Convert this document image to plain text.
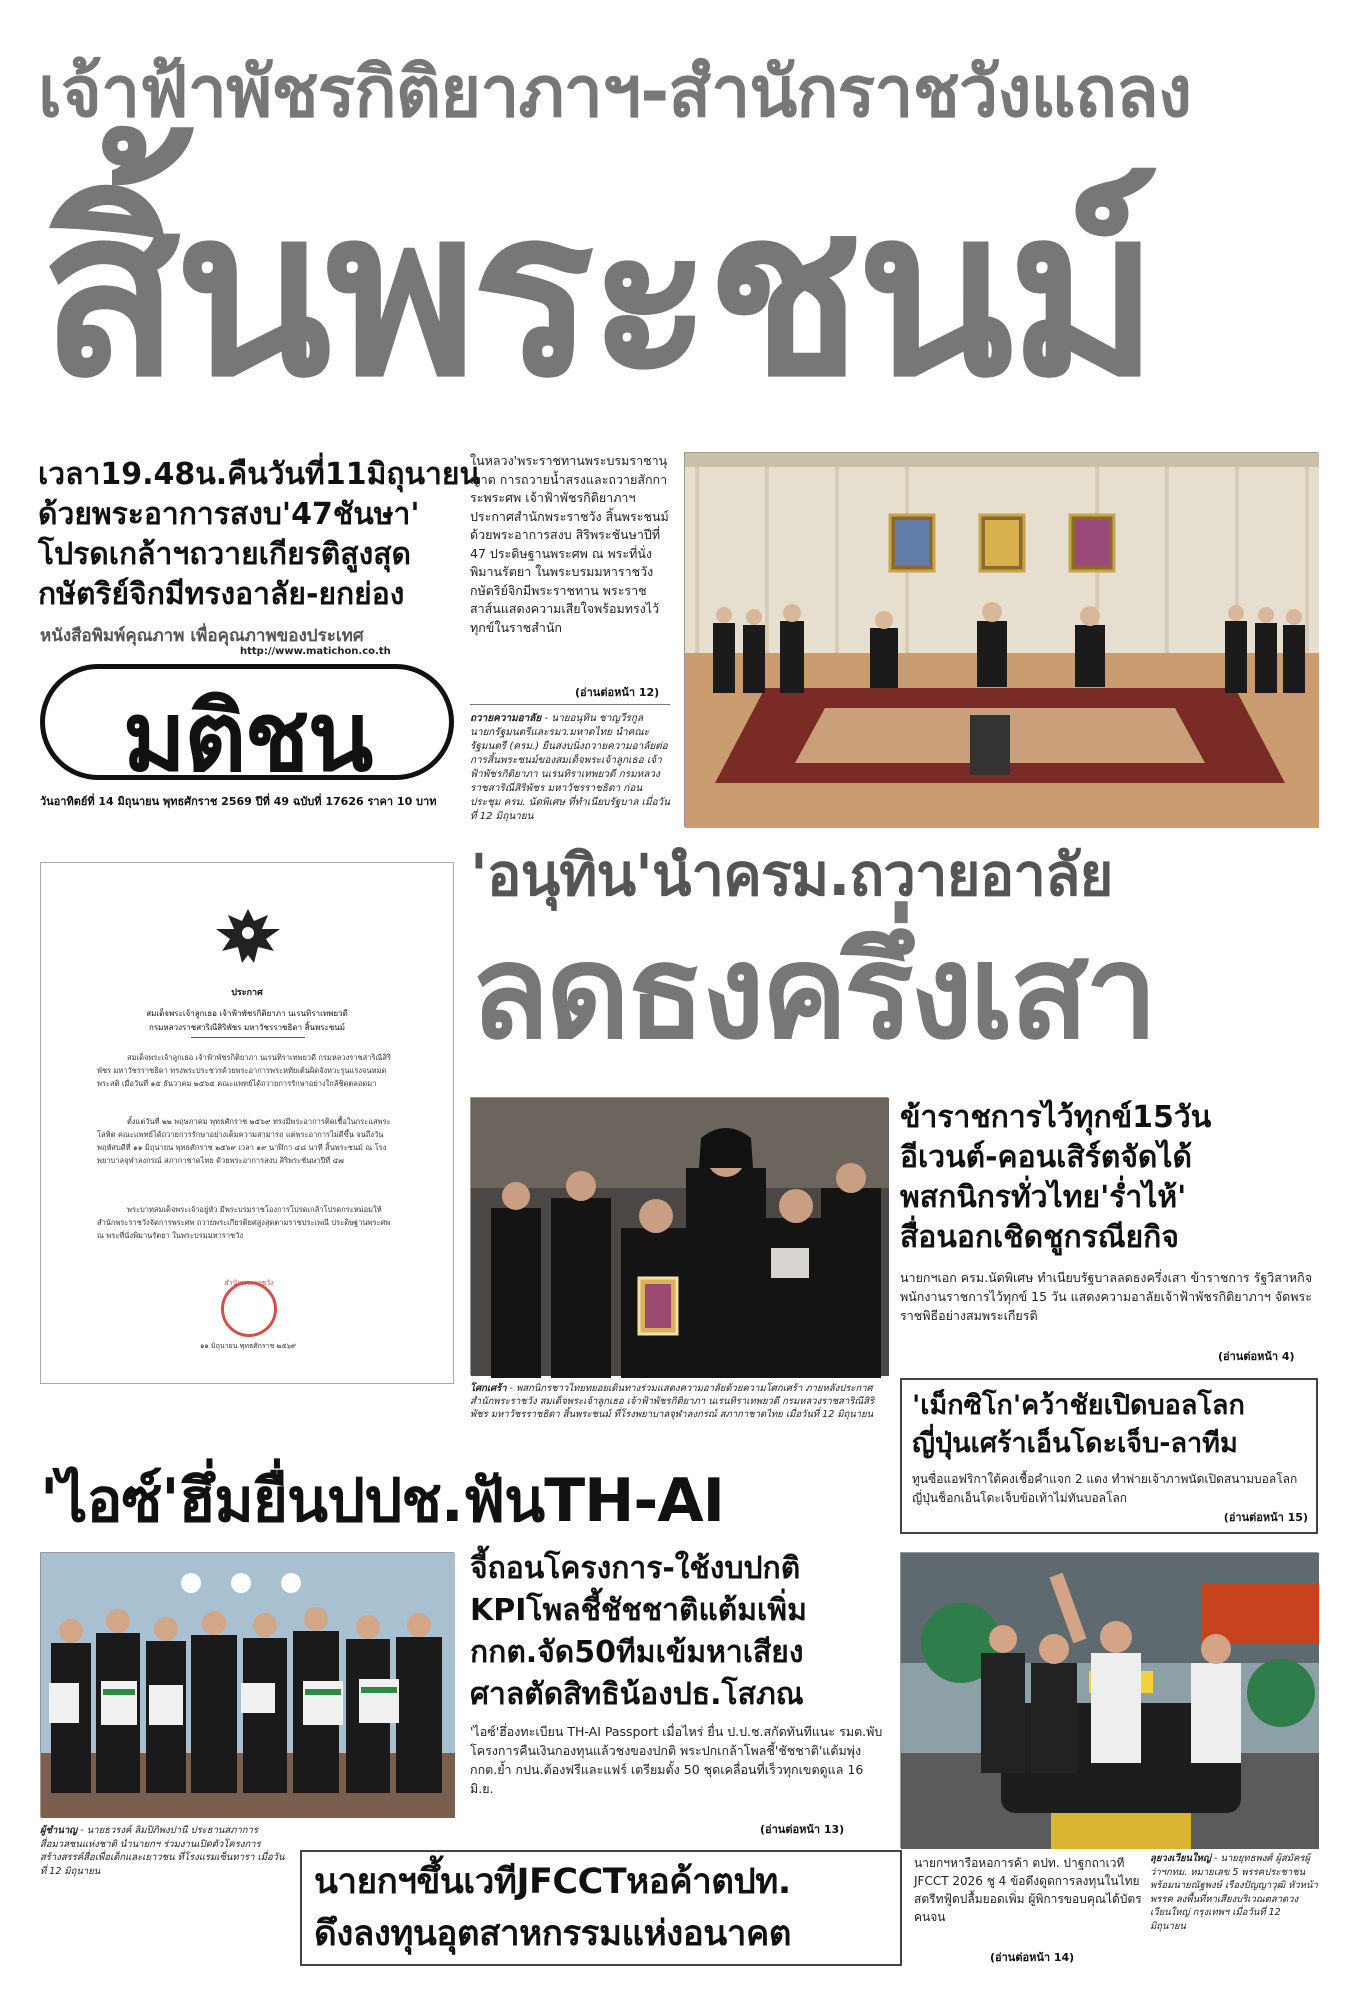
เจ้าฟ้าพัชรกิติยาภาฯ-สำนักราชวังแถลง
สิ้นพระชนม์
เวลา19.48น.คืนวันที่11มิถุนายน
ด้วยพระอาการสงบ'47ชันษา'
โปรดเกล้าฯถวายเกียรติสูงสุด
กษัตริย์จิกมีทรงอาลัย-ยกย่อง
หนังสือพิมพ์คุณภาพ เพื่อคุณภาพของประเทศ
http://www.matichon.co.th
มติชน
วันอาทิตย์ที่ 14 มิถุนายน พุทธศักราช 2569 ปีที่ 49 ฉบับที่ 17626 ราคา 10 บาท
ในหลวง'พระราชทานพระบรมราชานุญาต การถวายน้ำสรงและถวายสักการะพระศพ เจ้าฟ้าพัชรกิติยาภาฯประกาศสำนักพระราชวัง สิ้นพระชนม์ด้วยพระอาการสงบ สิริพระชันษาปีที่ 47 ประดิษฐานพระศพ ณ พระที่นั่งพิมานรัตยา ในพระบรมมหาราชวัง กษัตริย์จิกมีพระราชทาน พระราชสาส์นแสดงความเสียใจพร้อมทรงไว้ทุกข์ในราชสำนัก
(อ่านต่อหน้า 12)
ถวายความอาลัย - นายอนุทิน ชาญวีรกูล นายกรัฐมนตรีและรมว.มหาดไทย นำคณะรัฐมนตรี (ครม.) ยืนสงบนิ่งถวายความอาลัยต่อการสิ้นพระชนม์ของสมเด็จพระเจ้าลูกเธอ เจ้าฟ้าพัชรกิติยาภา นเรนทิราเทพยวดี กรมหลวงราชสาริณีสิริพัชร มหาวัชรราชธิดา ก่อนประชุม ครม. นัดพิเศษ ที่ทำเนียบรัฐบาล เมื่อวันที่ 12 มิถุนายน
ประกาศ
สมเด็จพระเจ้าลูกเธอ เจ้าฟ้าพัชรกิติยาภา นเรนทิราเทพยวดี
กรมหลวงราชสาริณีสิริพัชร มหาวัชรราชธิดา สิ้นพระชนม์
สมเด็จพระเจ้าลูกเธอ เจ้าฟ้าพัชรกิติยาภา นเรนทิราเทพยวดี กรมหลวงราชสาริณีสิริพัชร มหาวัชรราชธิดา ทรงพระประชวรด้วยพระอาการพระหทัยเต้นผิดจังหวะรุนแรงจนหมดพระสติ เมื่อวันที่ ๑๕ ธันวาคม ๒๕๖๕ คณะแพทย์ได้ถวายการรักษาอย่างใกล้ชิดตลอดมา
ตั้งแต่วันที่ ๒๒ พฤษภาคม พุทธศักราช ๒๕๖๙ ทรงมีพระอาการติดเชื้อในกระแสพระโลหิต คณะแพทย์ได้ถวายการรักษาอย่างเต็มความสามารถ แต่พระอาการไม่ดีขึ้น จนถึงวันพฤหัสบดีที่ ๑๑ มิถุนายน พุทธศักราช ๒๕๖๙ เวลา ๑๙ นาฬิกา ๔๘ นาที สิ้นพระชนม์ ณ โรงพยาบาลจุฬาลงกรณ์ สภากาชาดไทย ด้วยพระอาการสงบ สิริพระชันษาปีที่ ๔๗
พระบาทสมเด็จพระเจ้าอยู่หัว มีพระบรมราชโองการโปรดเกล้าโปรดกระหม่อมให้สำนักพระราชวังจัดการพระศพ ถวายพระเกียรติยศสูงสุดตามราชประเพณี ประดิษฐานพระศพ ณ พระที่นั่งพิมานรัตยา ในพระบรมมหาราชวัง
สำนักพระราชวัง
๑๑ มิถุนายน พุทธศักราช ๒๕๖๙
'อนุทิน'นำครม.ถวายอาลัย
ลดธงครึ่งเสา
โศกเศร้า - พสกนิกรชาวไทยทยอยเดินทางร่วมแสดงความอาลัยด้วยความโศกเศร้า ภายหลังประกาศสำนักพระราชวัง สมเด็จพระเจ้าลูกเธอ เจ้าฟ้าพัชรกิติยาภา นเรนทิราเทพยวดี กรมหลวงราชสาริณีสิริพัชร มหาวัชรราชธิดา สิ้นพระชนม์ ที่โรงพยาบาลจุฬาลงกรณ์ สภากาชาดไทย เมื่อวันที่ 12 มิถุนายน
ข้าราชการไว้ทุกข์15วัน
อีเวนต์-คอนเสิร์ตจัดได้
พสกนิกรทั่วไทย'ร่ำไห้'
สื่อนอกเชิดชูกรณียกิจ
นายกฯเอก ครม.นัดพิเศษ ทำเนียบรัฐบาลลดธงครึ่งเสา ข้าราชการ รัฐวิสาหกิจ พนักงานราชการไว้ทุกข์ 15 วัน แสดงความอาลัยเจ้าฟ้าพัชรกิติยาภาฯ จัดพระราชพิธีอย่างสมพระเกียรติ
(อ่านต่อหน้า 4)
'เม็กซิโก'คว้าชัยเปิดบอลโลก
ญี่ปุ่นเศร้าเอ็นโดะเจ็บ-ลาทีม
ทูนซื่อแอฟริกาใต้คงเชื้อคำแจก 2 แดง ทำพ่ายเจ้าภาพนัดเปิดสนามบอลโลก ญี่ปุ่นช็อกเอ็นโดะเจ็บข้อเท้าไม่ทันบอลโลก
(อ่านต่อหน้า 15)
'ไอซ์'ฮึ่มยื่นปปช.ฟันTH-AI
ผู้ชำนาญ - นายธวรงค์ ลิมปิภิพงปานี ประธานสภาการสื่อมวลชนแห่งชาติ นำนายกฯ ร่วมงานเปิดตัวโครงการสร้างสรรค์สื่อเพื่อเด็กและเยาวชน ที่โรงแรมเซ็นทารา เมื่อวันที่ 12 มิถุนายน
จี้ถอนโครงการ-ใช้งบปกติ
KPIโพลชี้ชัชชาติแต้มเพิ่ม
กกต.จัด50ทีมเข้มหาเสียง
ศาลตัดสิทธิน้องปธ.โสภณ
'ไอซ์'ฮึ่องทะเบียน TH-AI Passport เมื่อไหร่ ยื่น ป.ป.ช.สกัดทันทีแนะ รมต.พับโครงการคืนเงินกองทุนแล้วชงของปกติ พระปกเกล้าโพลชี้'ชัชชาติ'แต้มพุ่ง กกต.ย้ำ กปน.ต้องฟรีและแฟร์ เตรียมตั้ง 50 ชุดเคลื่อนที่เร็วทุกเขตดูแล 16 มิ.ย.
(อ่านต่อหน้า 13)
ลุยวงเวียนใหญ่ - นายยุทธพงศ์ ผู้สมัครผู้ว่าฯกทม. หมายเลข 5 พรรคประชาชน พร้อมนายณัฐพงษ์ เรืองปัญญาวุฒิ หัวหน้าพรรค ลงพื้นที่หาเสียงบริเวณตลาดวงเวียนใหญ่ กรุงเทพฯ เมื่อวันที่ 12 มิถุนายน
นายกฯขึ้นเวทีJFCCTหอค้าตปท.
ดึงลงทุนอุตสาหกรรมแห่งอนาคต
นายกฯหารือหอการค้า ตปท. ปาฐกถาเวที JFCCT 2026 ชู 4 ข้อดึงดูดการลงทุนในไทย สตรีทฟู้ดปลื้มยอดเพิ่ม ผู้พิการขอบคุณได้บัตรคนจน
(อ่านต่อหน้า 14)
